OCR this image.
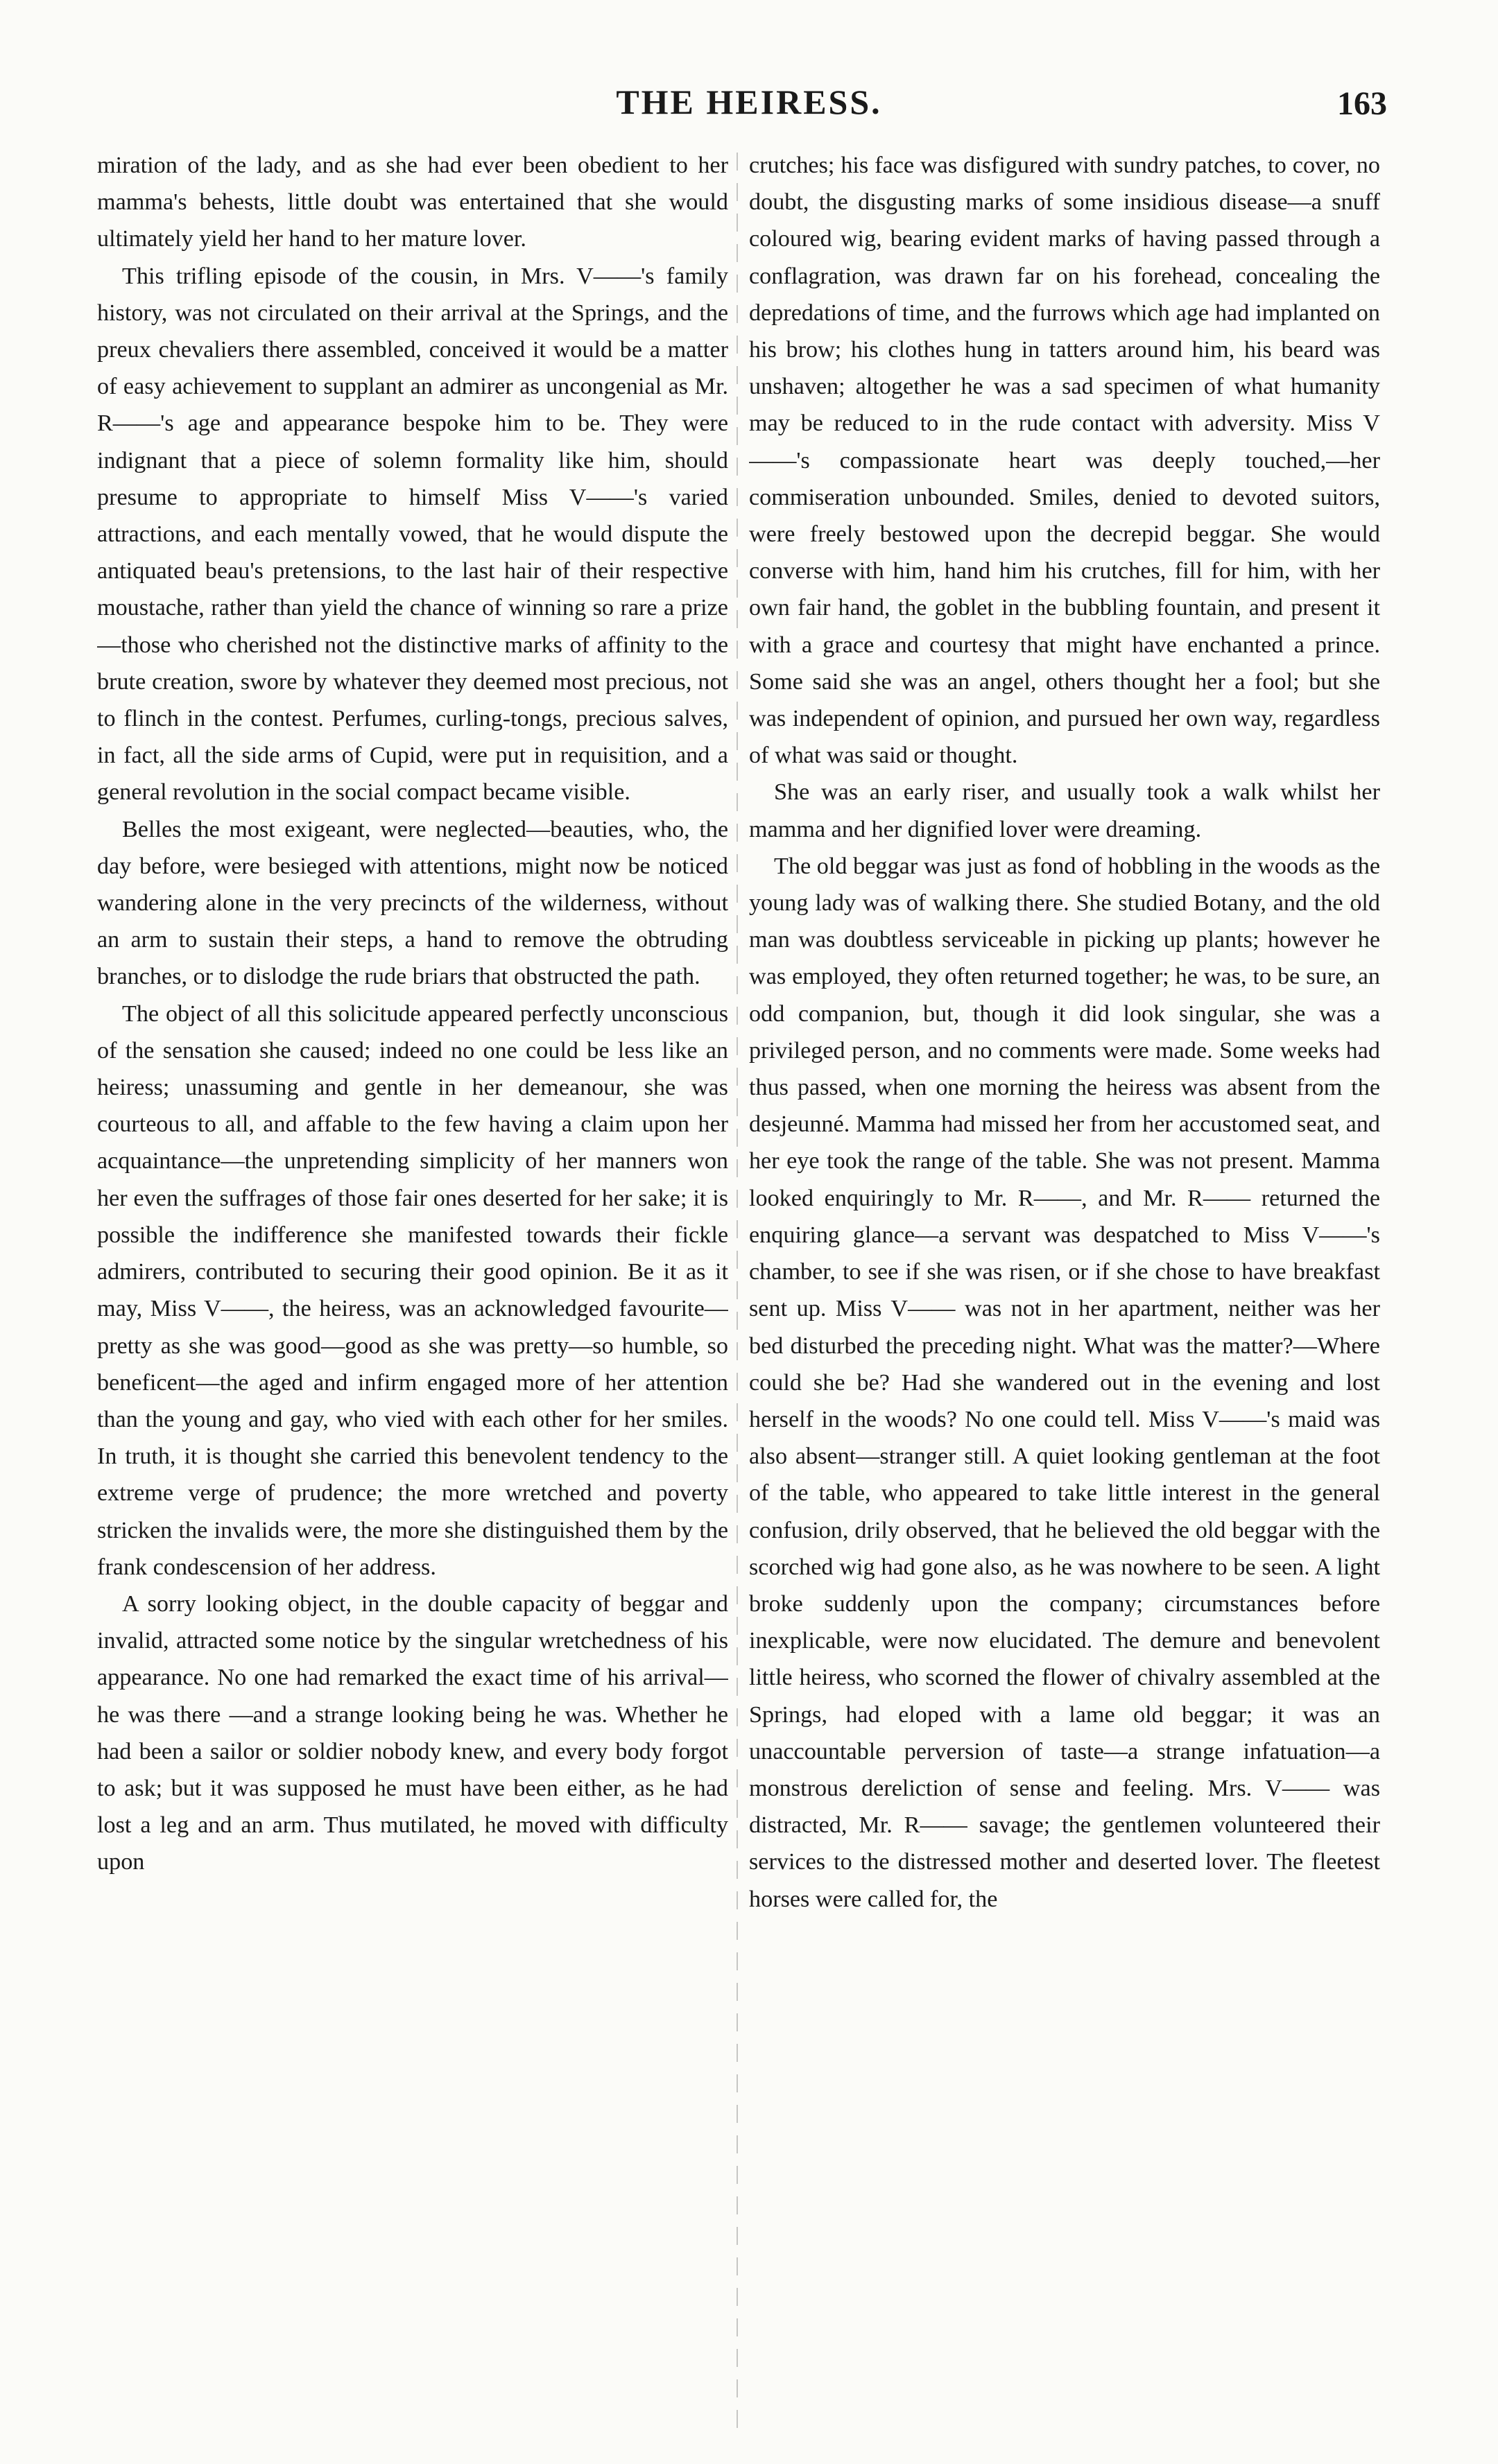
THE HEIRESS.	163

miration of the lady, and as she had ever been obedient to her mamma's behests, little doubt was entertained that she would ultimately yield her hand to her mature lover.

This trifling episode of the cousin, in Mrs. V——'s family history, was not circulated on their arrival at the Springs, and the preux chevaliers there assembled, conceived it would be a matter of easy achievement to supplant an admirer as uncongenial as Mr. R——'s age and appearance bespoke him to be. They were indignant that a piece of solemn formality like him, should presume to appropriate to himself Miss V——'s varied attractions, and each mentally vowed, that he would dispute the antiquated beau's pretensions, to the last hair of their respective moustache, rather than yield the chance of winning so rare a prize—those who cherished not the distinctive marks of affinity to the brute creation, swore by whatever they deemed most precious, not to flinch in the contest. Perfumes, curling-tongs, precious salves, in fact, all the side arms of Cupid, were put in requisition, and a general revolution in the social compact became visible.

Belles the most exigeant, were neglected—beauties, who, the day before, were besieged with attentions, might now be noticed wandering alone in the very precincts of the wilderness, without an arm to sustain their steps, a hand to remove the obtruding branches, or to dislodge the rude briars that obstructed the path.

The object of all this solicitude appeared perfectly unconscious of the sensation she caused; indeed no one could be less like an heiress; unassuming and gentle in her demeanour, she was courteous to all, and affable to the few having a claim upon her acquaintance—the unpretending simplicity of her manners won her even the suffrages of those fair ones deserted for her sake; it is possible the indifference she manifested towards their fickle admirers, contributed to securing their good opinion. Be it as it may, Miss V——, the heiress, was an acknowledged favourite—pretty as she was good—good as she was pretty—so humble, so beneficent—the aged and infirm engaged more of her attention than the young and gay, who vied with each other for her smiles. In truth, it is thought she carried this benevolent tendency to the extreme verge of prudence; the more wretched and poverty stricken the invalids were, the more she distinguished them by the frank condescension of her address.

A sorry looking object, in the double capacity of beggar and invalid, attracted some notice by the singular wretchedness of his appearance. No one had remarked the exact time of his arrival—he was there —and a strange looking being he was. Whether he had been a sailor or soldier nobody knew, and every body forgot to ask; but it was supposed he must have been either, as he had lost a leg and an arm. Thus mutilated, he moved with difficulty upon

crutches; his face was disfigured with sundry patches, to cover, no doubt, the disgusting marks of some insidious disease—a snuff coloured wig, bearing evident marks of having passed through a conflagration, was drawn far on his forehead, concealing the depredations of time, and the furrows which age had implanted on his brow; his clothes hung in tatters around him, his beard was unshaven; altogether he was a sad specimen of what humanity may be reduced to in the rude contact with adversity. Miss V——'s compassionate heart was deeply touched,—her commiseration unbounded. Smiles, denied to devoted suitors, were freely bestowed upon the decrepid beggar. She would converse with him, hand him his crutches, fill for him, with her own fair hand, the goblet in the bubbling fountain, and present it with a grace and courtesy that might have enchanted a prince. Some said she was an angel, others thought her a fool; but she was independent of opinion, and pursued her own way, regardless of what was said or thought.

She was an early riser, and usually took a walk whilst her mamma and her dignified lover were dreaming.

The old beggar was just as fond of hobbling in the woods as the young lady was of walking there. She studied Botany, and the old man was doubtless serviceable in picking up plants; however he was employed, they often returned together; he was, to be sure, an odd companion, but, though it did look singular, she was a privileged person, and no comments were made. Some weeks had thus passed, when one morning the heiress was absent from the desjeunné. Mamma had missed her from her accustomed seat, and her eye took the range of the table. She was not present. Mamma looked enquiringly to Mr. R——, and Mr. R—— returned the enquiring glance—a servant was despatched to Miss V——'s chamber, to see if she was risen, or if she chose to have breakfast sent up. Miss V—— was not in her apartment, neither was her bed disturbed the preceding night. What was the matter?—Where could she be? Had she wandered out in the evening and lost herself in the woods? No one could tell. Miss V——'s maid was also absent—stranger still. A quiet looking gentleman at the foot of the table, who appeared to take little interest in the general confusion, drily observed, that he believed the old beggar with the scorched wig had gone also, as he was nowhere to be seen. A light broke suddenly upon the company; circumstances before inexplicable, were now elucidated. The demure and benevolent little heiress, who scorned the flower of chivalry assembled at the Springs, had eloped with a lame old beggar; it was an unaccountable perversion of taste—a strange infatuation—a monstrous dereliction of sense and feeling. Mrs. V—— was distracted, Mr. R—— savage; the gentlemen volunteered their services to the distressed mother and deserted lover. The fleetest horses were called for, the
